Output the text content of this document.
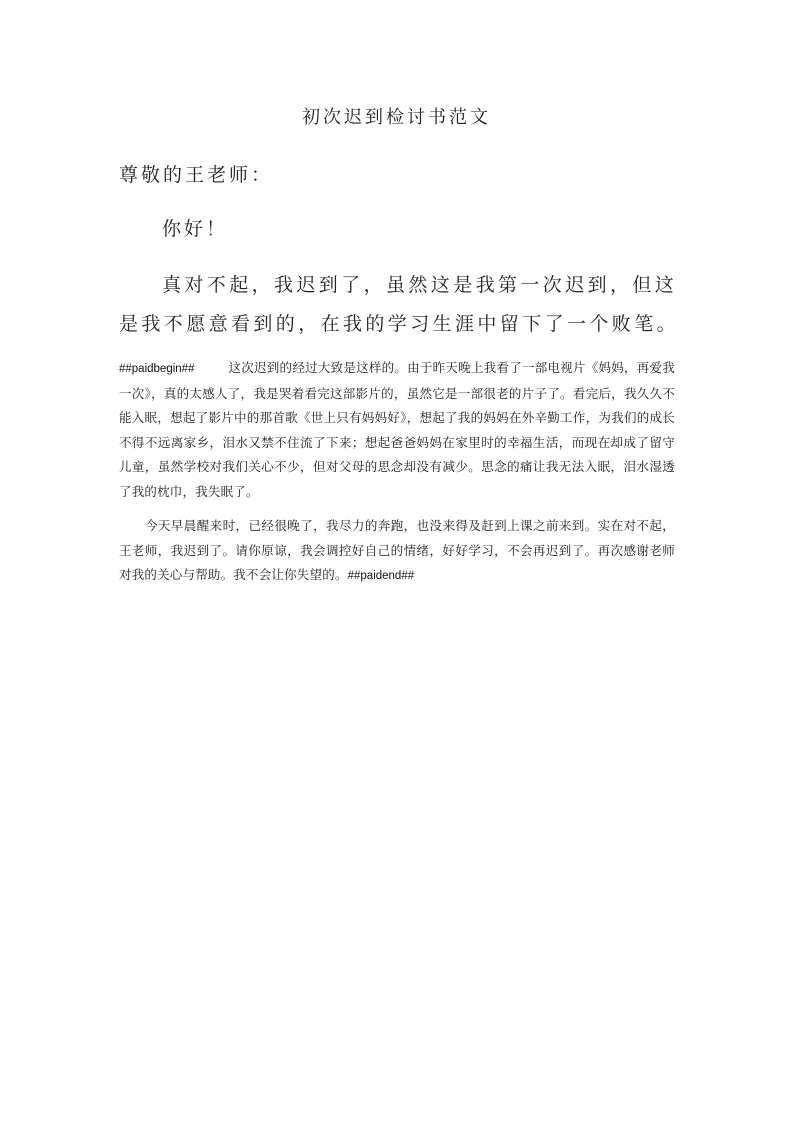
初次迟到检讨书范文

尊敬的王老师：

你好！

真对不起，我迟到了，虽然这是我第一次迟到，但这是我不愿意看到的，在我的学习生涯中留下了一个败笔。

##paidbegin##	这次迟到的经过大致是这样的。由于昨天晚上我看了一部电视片《妈妈，再爱我一次》，真的太感人了，我是哭着看完这部影片的，虽然它是一部很老的片子了。看完后，我久久不能入眠，想起了影片中的那首歌《世上只有妈妈好》，想起了我的妈妈在外辛勤工作，为我们的成长不得不远离家乡，泪水又禁不住流了下来；想起爸爸妈妈在家里时的幸福生活，而现在却成了留守儿童，虽然学校对我们关心不少，但对父母的思念却没有减少。思念的痛让我无法入眠，泪水湿透了我的枕巾，我失眠了。

今天早晨醒来时，已经很晚了，我尽力的奔跑，也没来得及赶到上课之前来到。实在对不起，王老师，我迟到了。请你原谅，我会调控好自己的情绪，好好学习，不会再迟到了。再次感谢老师对我的关心与帮助。我不会让你失望的。##paidend##
